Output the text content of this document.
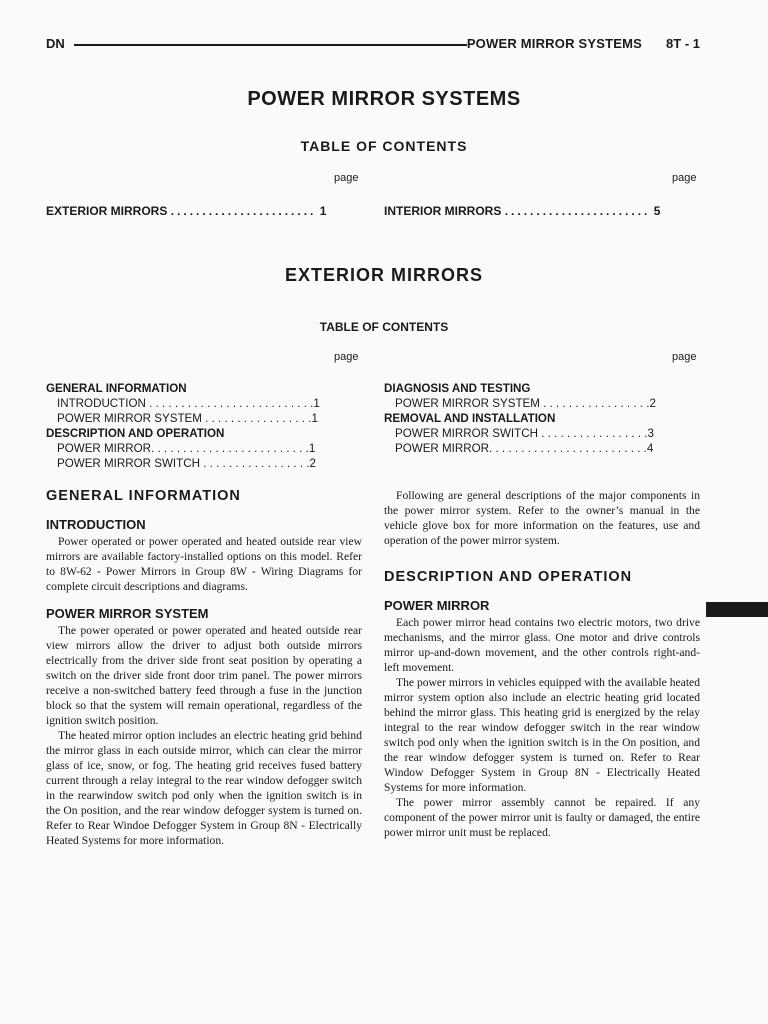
DN	POWER MIRROR SYSTEMS 8T - 1
POWER MIRROR SYSTEMS
TABLE OF CONTENTS
page	page
EXTERIOR MIRRORS ....................... 1	INTERIOR MIRRORS ....................... 5
EXTERIOR MIRRORS
TABLE OF CONTENTS
page	page
GENERAL INFORMATION
INTRODUCTION . . . . . . . . . . . . . . . . . . . . . . . . . .1
POWER MIRROR SYSTEM . . . . . . . . . . . . . . . . .1
DESCRIPTION AND OPERATION
POWER MIRROR. . . . . . . . . . . . . . . . . . . . . . . . .1
POWER MIRROR SWITCH . . . . . . . . . . . . . . . . .2
DIAGNOSIS AND TESTING
POWER MIRROR SYSTEM . . . . . . . . . . . . . . . . .2
REMOVAL AND INSTALLATION
POWER MIRROR SWITCH . . . . . . . . . . . . . . . . .3
POWER MIRROR. . . . . . . . . . . . . . . . . . . . . . . . .4
GENERAL INFORMATION
INTRODUCTION

Power operated or power operated and heated outside rear view mirrors are available factory-installed options on this model. Refer to 8W-62 - Power Mirrors in Group 8W - Wiring Diagrams for complete circuit descriptions and diagrams.

POWER MIRROR SYSTEM

The power operated or power operated and heated outside rear view mirrors allow the driver to adjust both outside mirrors electrically from the driver side front seat position by operating a switch on the driver side front door trim panel. The power mirrors receive a non-switched battery feed through a fuse in the junction block so that the system will remain operational, regardless of the ignition switch position.

The heated mirror option includes an electric heating grid behind the mirror glass in each outside mirror, which can clear the mirror glass of ice, snow, or fog. The heating grid receives fused battery current through a relay integral to the rear window defogger switch in the rearwindow switch pod only when the ignition switch is in the On position, and the rear window defogger system is turned on. Refer to Rear Windoe Defogger System in Group 8N - Electrically Heated Systems for more information.

Following are general descriptions of the major components in the power mirror system. Refer to the owner’s manual in the vehicle glove box for more information on the features, use and operation of the power mirror system.

DESCRIPTION AND OPERATION
POWER MIRROR

Each power mirror head contains two electric motors, two drive mechanisms, and the mirror glass. One motor and drive controls mirror up-and-down movement, and the other controls right-and-left movement.

The power mirrors in vehicles equipped with the available heated mirror system option also include an electric heating grid located behind the mirror glass. This heating grid is energized by the relay integral to the rear window defogger switch in the rear window switch pod only when the ignition switch is in the On position, and the rear window defogger system is turned on. Refer to Rear Window Defogger System in Group 8N - Electrically Heated Systems for more information.

The power mirror assembly cannot be repaired. If any component of the power mirror unit is faulty or damaged, the entire power mirror unit must be replaced.
